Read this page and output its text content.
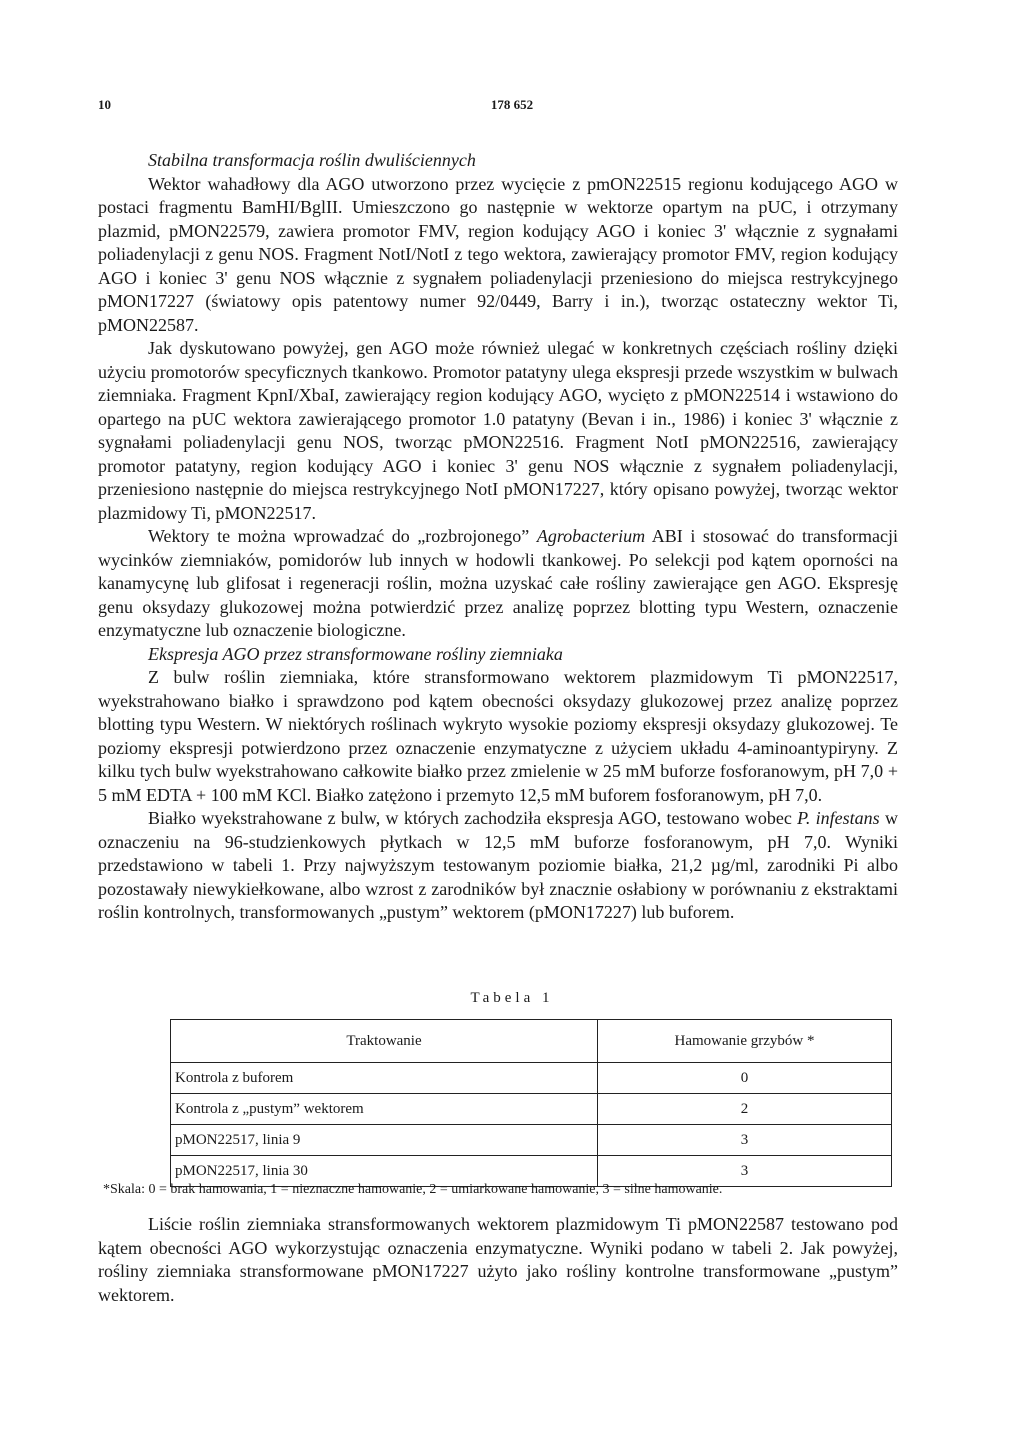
10	178 652

Stabilna transformacja roślin dwuliściennych

Wektor wahadłowy dla AGO utworzono przez wycięcie z pmON22515 regionu kodującego AGO w postaci fragmentu BamHI/BglII. Umieszczono go następnie w wektorze opartym na pUC, i otrzymany plazmid, pMON22579, zawiera promotor FMV, region kodujący AGO i koniec 3' włącznie z sygnałami poliadenylacji z genu NOS. Fragment NotI/NotI z tego wektora, zawierający promotor FMV, region kodujący AGO i koniec 3' genu NOS włącznie z sygnałem poliadenylacji przeniesiono do miejsca restrykcyjnego pMON17227 (światowy opis patentowy numer 92/0449, Barry i in.), tworząc ostateczny wektor Ti, pMON22587.

Jak dyskutowano powyżej, gen AGO może również ulegać w konkretnych częściach rośliny dzięki użyciu promotorów specyficznych tkankowo. Promotor patatyny ulega ekspresji przede wszystkim w bulwach ziemniaka. Fragment KpnI/XbaI, zawierający region kodujący AGO, wycięto z pMON22514 i wstawiono do opartego na pUC wektora zawierającego promotor 1.0 patatyny (Bevan i in., 1986) i koniec 3' włącznie z sygnałami poliadenylacji genu NOS, tworząc pMON22516. Fragment NotI pMON22516, zawierający promotor patatyny, region kodujący AGO i koniec 3' genu NOS włącznie z sygnałem poliadenylacji, przeniesiono następnie do miejsca restrykcyjnego NotI pMON17227, który opisano powyżej, tworząc wektor plazmidowy Ti, pMON22517.

Wektory te można wprowadzać do „rozbrojonego” Agrobacterium ABI i stosować do transformacji wycinków ziemniaków, pomidorów lub innych w hodowli tkankowej. Po selekcji pod kątem oporności na kanamycynę lub glifosat i regeneracji roślin, można uzyskać całe rośliny zawierające gen AGO. Ekspresję genu oksydazy glukozowej można potwierdzić przez analizę poprzez blotting typu Western, oznaczenie enzymatyczne lub oznaczenie biologiczne.

Ekspresja AGO przez stransformowane rośliny ziemniaka

Z bulw roślin ziemniaka, które stransformowano wektorem plazmidowym Ti pMON22517, wyekstrahowano białko i sprawdzono pod kątem obecności oksydazy glukozowej przez analizę poprzez blotting typu Western. W niektórych roślinach wykryto wysokie poziomy ekspresji oksydazy glukozowej. Te poziomy ekspresji potwierdzono przez oznaczenie enzymatyczne z użyciem układu 4-aminoantypiryny. Z kilku tych bulw wyekstrahowano całkowite białko przez zmielenie w 25 mM buforze fosforanowym, pH 7,0 + 5 mM EDTA + 100 mM KCl. Białko zatężono i przemyto 12,5 mM buforem fosforanowym, pH 7,0.

Białko wyekstrahowane z bulw, w których zachodziła ekspresja AGO, testowano wobec P. infestans w oznaczeniu na 96-studzienkowych płytkach w 12,5 mM buforze fosforanowym, pH 7,0. Wyniki przedstawiono w tabeli 1. Przy najwyższym testowanym poziomie białka, 21,2 µg/ml, zarodniki Pi albo pozostawały niewykiełkowane, albo wzrost z zarodników był znacznie osłabiony w porównaniu z ekstraktami roślin kontrolnych, transformowanych „pustym” wektorem (pMON17227) lub buforem.

Tabela 1
Traktowanie	Hamowanie grzybów *
Kontrola z buforem	0
Kontrola z „pustym” wektorem	2
pMON22517, linia 9	3
pMON22517, linia 30	3
*Skala: 0 = brak hamowania, 1 = nieznaczne hamowanie, 2 = umiarkowane hamowanie, 3 = silne hamowanie.

Liście roślin ziemniaka stransformowanych wektorem plazmidowym Ti pMON22587 testowano pod kątem obecności AGO wykorzystując oznaczenia enzymatyczne. Wyniki podano w tabeli 2. Jak powyżej, rośliny ziemniaka stransformowane pMON17227 użyto jako rośliny kontrolne transformowane „pustym” wektorem.
